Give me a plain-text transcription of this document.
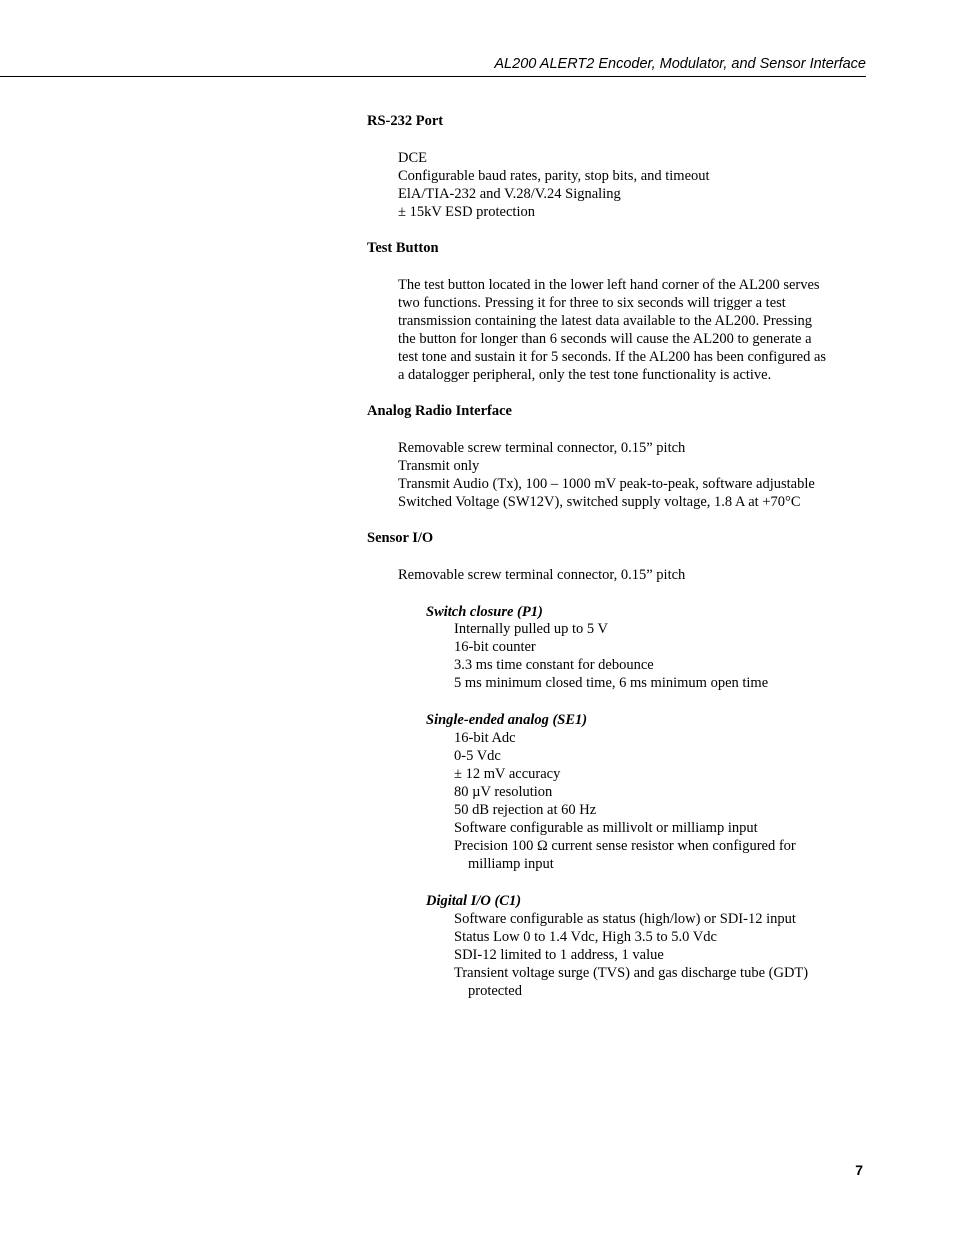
AL200 ALERT2 Encoder, Modulator, and Sensor Interface
RS-232 Port
DCE
Configurable baud rates, parity, stop bits, and timeout
ElA/TIA-232 and V.28/V.24 Signaling
± 15kV ESD protection
Test Button
The test button located in the lower left hand corner of the AL200 serves
two functions. Pressing it for three to six seconds will trigger a test
transmission containing the latest data available to the AL200. Pressing
the button for longer than 6 seconds will cause the AL200 to generate a
test tone and sustain it for 5 seconds. If the AL200 has been configured as
a datalogger peripheral, only the test tone functionality is active.
Analog Radio Interface
Removable screw terminal connector, 0.15” pitch
Transmit only
Transmit Audio (Tx), 100 – 1000 mV peak-to-peak, software adjustable
Switched Voltage (SW12V), switched supply voltage, 1.8 A at +70°C
Sensor I/O
Removable screw terminal connector, 0.15” pitch
Switch closure (P1)
Internally pulled up to 5 V
16-bit counter
3.3 ms time constant for debounce
5 ms minimum closed time, 6 ms minimum open time
Single-ended analog (SE1)
16-bit Adc
0-5 Vdc
± 12 mV accuracy
80 µV resolution
50 dB rejection at 60 Hz
Software configurable as millivolt or milliamp input
Precision 100 Ω current sense resistor when configured for milliamp input
Digital I/O (C1)
Software configurable as status (high/low) or SDI-12 input
Status Low 0 to 1.4 Vdc, High 3.5 to 5.0 Vdc
SDI-12 limited to 1 address, 1 value
Transient voltage surge (TVS) and gas discharge tube (GDT) protected
7
